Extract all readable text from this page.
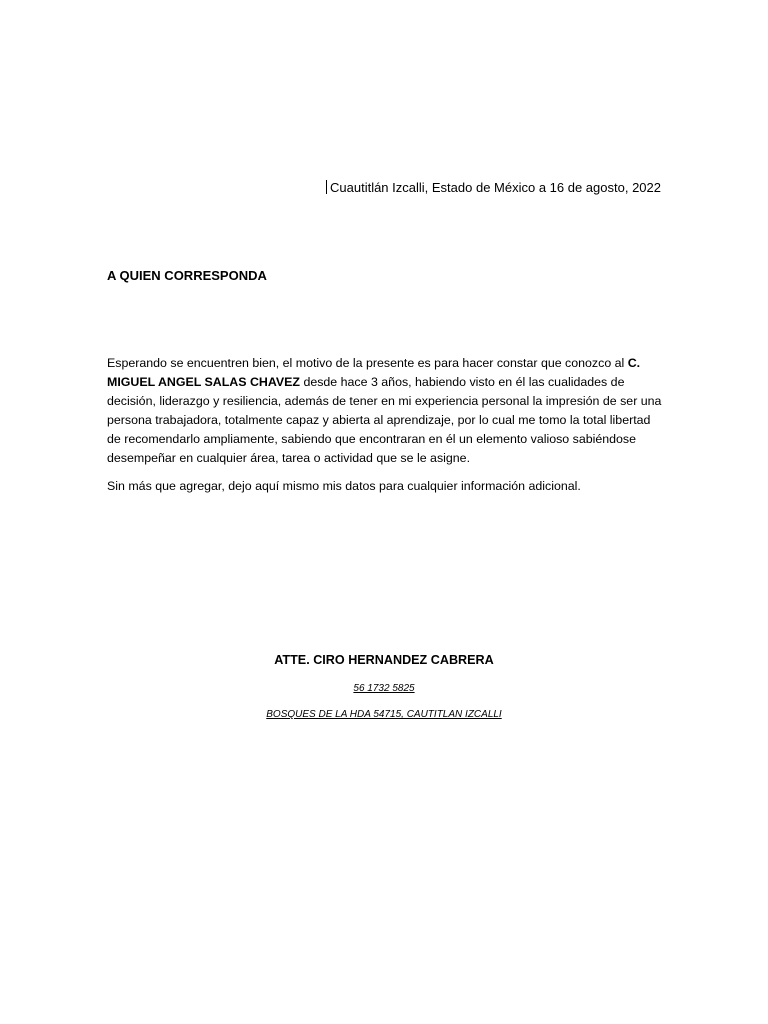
Cuautitlán Izcalli, Estado de México a 16 de agosto, 2022
A QUIEN CORRESPONDA

Esperando se encuentren bien, el motivo de la presente es para hacer constar que conozco al C. MIGUEL ANGEL SALAS CHAVEZ desde hace 3 años, habiendo visto en él las cualidades de decisión, liderazgo y resiliencia, además de tener en mi experiencia personal la impresión de ser una persona trabajadora, totalmente capaz y abierta al aprendizaje, por lo cual me tomo la total libertad de recomendarlo ampliamente, sabiendo que encontraran en él un elemento valioso sabiéndose desempeñar en cualquier área, tarea o actividad que se le asigne.

Sin más que agregar, dejo aquí mismo mis datos para cualquier información adicional.

ATTE. CIRO HERNANDEZ CABRERA
56 1732 5825
BOSQUES DE LA HDA 54715, CAUTITLAN IZCALLI
